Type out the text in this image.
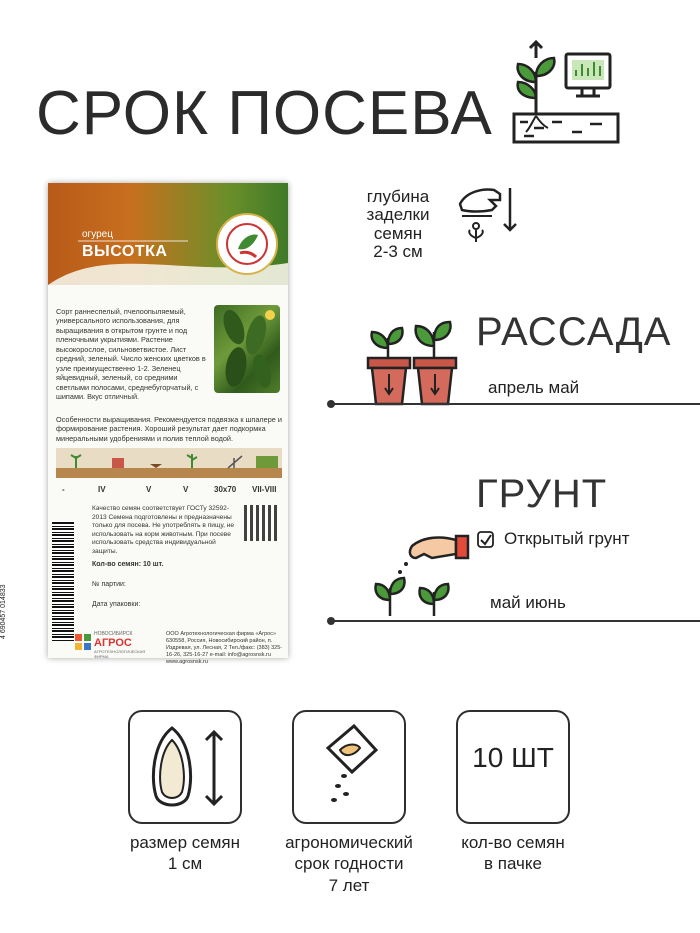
СРОК ПОСЕВА
огурец
ВЫСОТКА
Сорт раннеспелый, пчелоопыляемый, универсального использования, для выращивания в открытом грунте и под пленочными укрытиями. Растение высокорослое, сильноветвистое. Лист средний, зеленый. Число женских цветков в узле преимущественно 1-2. Зеленец яйцевидный, зеленый, со средними светлыми полосами, среднебугорчатый, с шипами. Вкус отличный.
Особенности выращивания. Рекомендуется подвязка к шпалере и формирование растения. Хороший результат дает подкормка минеральными удобрениями и полив теплой водой.
-	IV	V	V	30х70 VII-VIII
Качество семян соответствует ГОСТу 32592-2013 Семена подготовлены и предназначены только для посева. Не употреблять в пищу, не использовать на корм животным. При посеве использовать средства индивидуальной защиты.
Кол-во семян: 10 шт.
№ партии:
Дата упаковки:
4 690457 014833	НОВОСИБИРСК
АГРОС
АГРОТЕХНОЛОГИЧЕСКАЯ ФИРМА
ООО Агротехнологическая фирма «Агрос» 630558, Россия, Новосибирский район, п. Издревая, ул. Лесная, 2 Тел./факс: (383) 325-16-26, 325-16-27 e-mail: info@agrosnsk.ru www.agrosnsk.ru
глубина
заделки
семян
2-3 см
РАССАДА
апрель май
ГРУНТ
Открытый грунт
май июнь
10 ШТ
размер семян
1 см
агрономический
срок годности
7 лет
кол-во семян
в пачке
